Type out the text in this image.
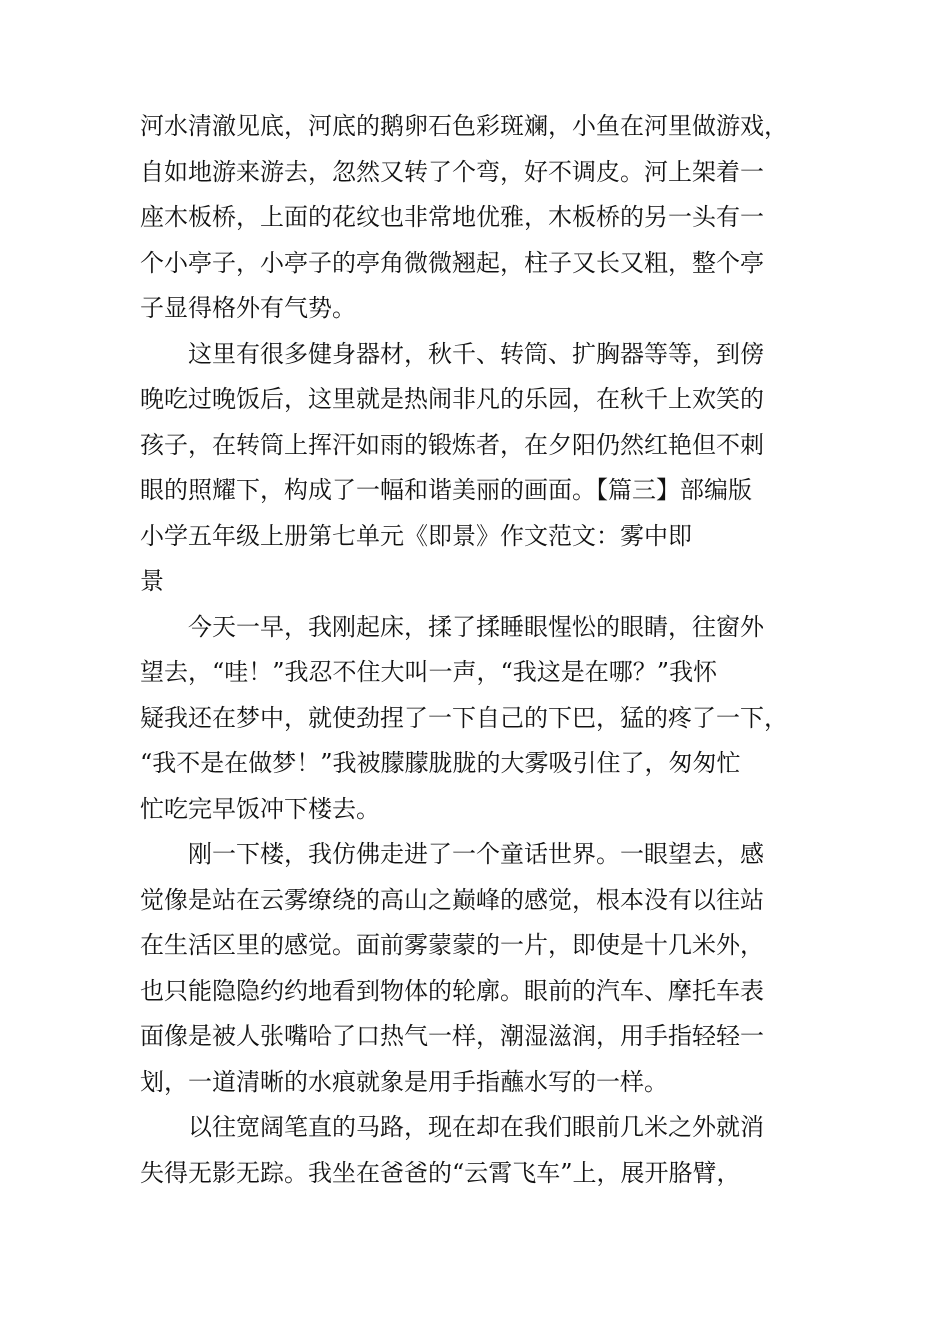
河水清澈见底，河底的鹅卵石色彩斑斓，小鱼在河里做游戏，
自如地游来游去，忽然又转了个弯，好不调皮。河上架着一
座木板桥，上面的花纹也非常地优雅，木板桥的另一头有一
个小亭子，小亭子的亭角微微翘起，柱子又长又粗，整个亭
子显得格外有气势。
这里有很多健身器材，秋千、转筒、扩胸器等等，到傍
晚吃过晚饭后，这里就是热闹非凡的乐园，在秋千上欢笑的
孩子，在转筒上挥汗如雨的锻炼者，在夕阳仍然红艳但不刺
眼的照耀下，构成了一幅和谐美丽的画面。【篇三】部编版
小学五年级上册第七单元《即景》作文范文：雾中即
景
今天一早，我刚起床，揉了揉睡眼惺忪的眼睛，往窗外
望去，“哇！”我忍不住大叫一声，“我这是在哪？”我怀
疑我还在梦中，就使劲捏了一下自己的下巴，猛的疼了一下，
“我不是在做梦！”我被朦朦胧胧的大雾吸引住了，匆匆忙
忙吃完早饭冲下楼去。
刚一下楼，我仿佛走进了一个童话世界。一眼望去，感
觉像是站在云雾缭绕的高山之巅峰的感觉，根本没有以往站
在生活区里的感觉。面前雾蒙蒙的一片，即使是十几米外，
也只能隐隐约约地看到物体的轮廓。眼前的汽车、摩托车表
面像是被人张嘴哈了口热气一样，潮湿滋润，用手指轻轻一
划，一道清晰的水痕就象是用手指蘸水写的一样。
以往宽阔笔直的马路，现在却在我们眼前几米之外就消
失得无影无踪。我坐在爸爸的“云霄飞车”上，展开胳臂，
